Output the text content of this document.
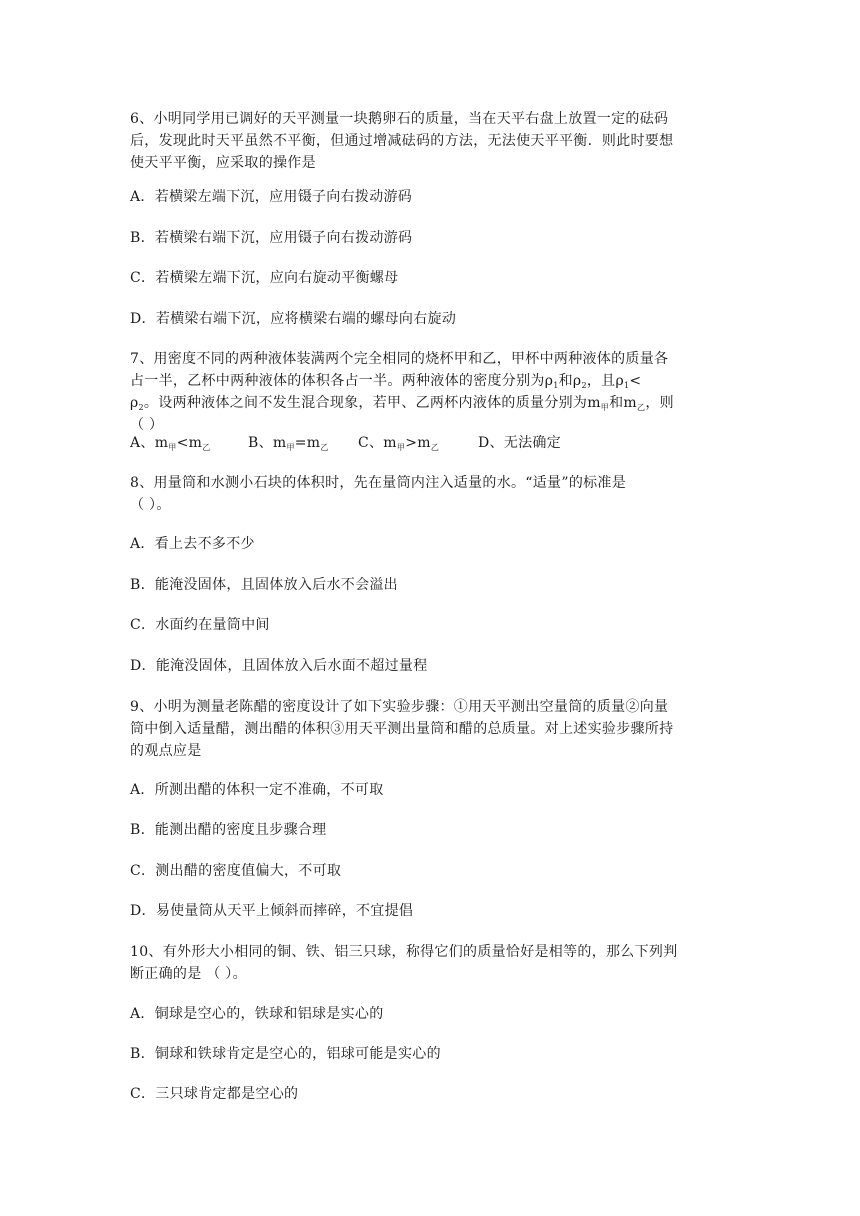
6、小明同学用已调好的天平测量一块鹅卵石的质量，当在天平右盘上放置一定的砝码
后，发现此时天平虽然不平衡，但通过增减砝码的方法，无法使天平平衡．则此时要想
使天平平衡，应采取的操作是
A．若横梁左端下沉，应用镊子向右拨动游码
B．若横梁右端下沉，应用镊子向右拨动游码
C．若横梁左端下沉，应向右旋动平衡螺母
D．若横梁右端下沉，应将横梁右端的螺母向右旋动
7、用密度不同的两种液体装满两个完全相同的烧杯甲和乙，甲杯中两种液体的质量各
占一半，乙杯中两种液体的体积各占一半。两种液体的密度分别为$\rho_1$和$\rho_2$，且$\rho_1<$
$\rho_2$。设两种液体之间不发生混合现象，若甲、乙两杯内液体的质量分别为$m_甲$和$m_乙$，则
（ ）
A、$m_甲<m_乙$	B、$m_甲=m_乙$ C、$m_甲>m_乙$	D、无法确定
8、用量筒和水测小石块的体积时，先在量筒内注入适量的水。“适量”的标准是
（ ）。
A．看上去不多不少
B．能淹没固体，且固体放入后水不会溢出
C．水面约在量筒中间
D．能淹没固体，且固体放入后水面不超过量程
9、小明为测量老陈醋的密度设计了如下实验步骤：①用天平测出空量筒的质量②向量
筒中倒入适量醋，测出醋的体积③用天平测出量筒和醋的总质量。对上述实验步骤所持
的观点应是
A．所测出醋的体积一定不准确，不可取
B．能测出醋的密度且步骤合理
C．测出醋的密度值偏大，不可取
D．易使量筒从天平上倾斜而摔碎，不宜提倡
10、有外形大小相同的铜、铁、铝三只球，称得它们的质量恰好是相等的，那么下列判
断正确的是 （ ）。
A．铜球是空心的，铁球和铝球是实心的
B．铜球和铁球肯定是空心的，铝球可能是实心的
C．三只球肯定都是空心的
